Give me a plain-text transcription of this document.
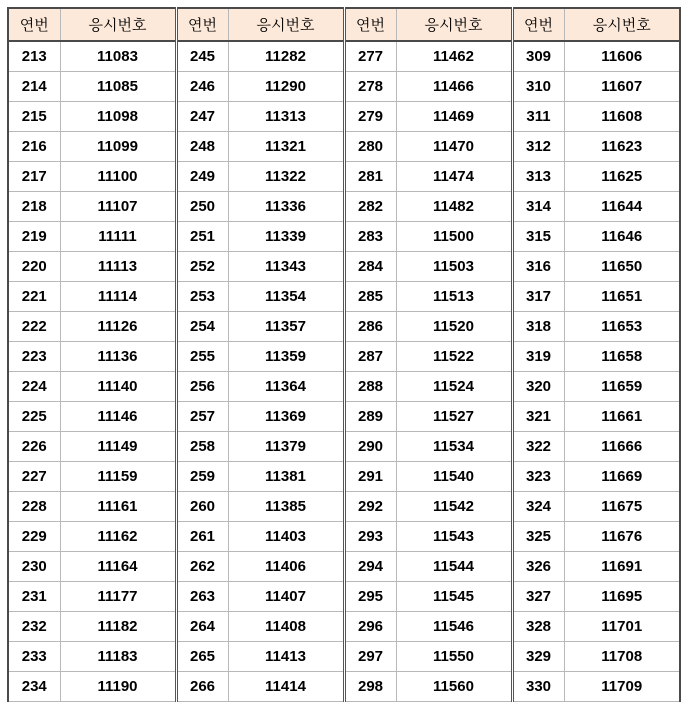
연번	응시번호	연번	응시번호	연번	응시번호	연번	응시번호
213	11083	245	11282	277	11462	309	11606
214	11085	246	11290	278	11466	310	11607
215	11098	247	11313	279	11469	311	11608
216	11099	248	11321	280	11470	312	11623
217	11100	249	11322	281	11474	313	11625
218	11107	250	11336	282	11482	314	11644
219	11111	251	11339	283	11500	315	11646
220	11113	252	11343	284	11503	316	11650
221	11114	253	11354	285	11513	317	11651
222	11126	254	11357	286	11520	318	11653
223	11136	255	11359	287	11522	319	11658
224	11140	256	11364	288	11524	320	11659
225	11146	257	11369	289	11527	321	11661
226	11149	258	11379	290	11534	322	11666
227	11159	259	11381	291	11540	323	11669
228	11161	260	11385	292	11542	324	11675
229	11162	261	11403	293	11543	325	11676
230	11164	262	11406	294	11544	326	11691
231	11177	263	11407	295	11545	327	11695
232	11182	264	11408	296	11546	328	11701
233	11183	265	11413	297	11550	329	11708
234	11190	266	11414	298	11560	330	11709
